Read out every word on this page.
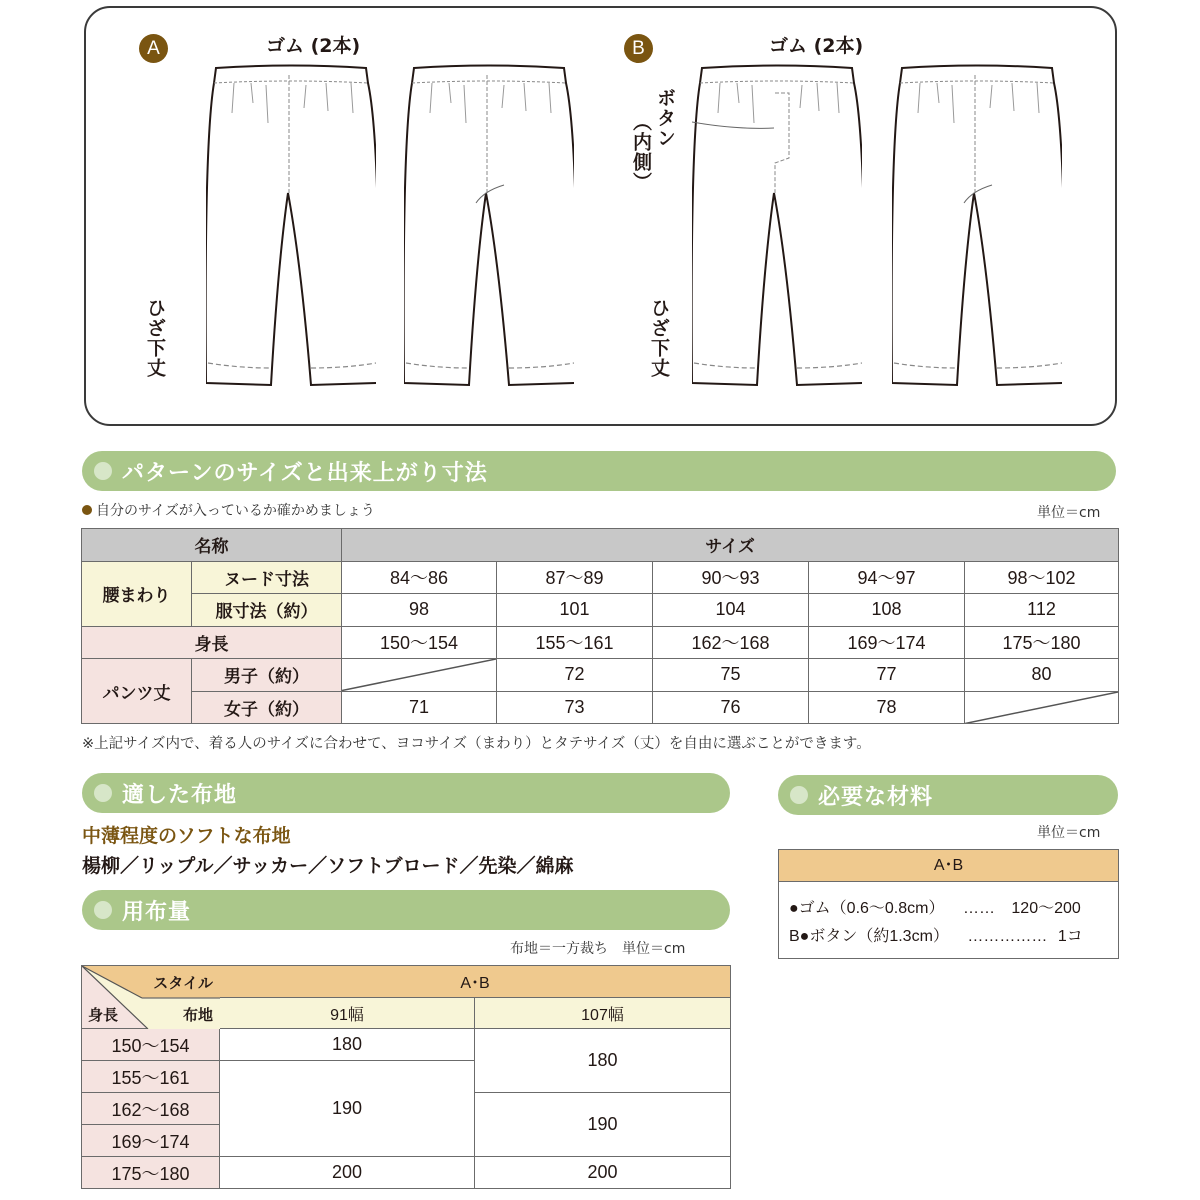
A	ゴム (2本)
ひざ下丈
B	ゴム (2本)
ボタン
（内側）
ひざ下丈
パターンのサイズと出来上がり寸法
自分のサイズが入っているか確かめましょう	単位＝cm
名称		サイズ				
腰まわり	ヌード寸法	84〜86	87〜89	90〜93	94〜97	98〜102
	服寸法（約）	98	101	104	108	112
身長		150〜154	155〜161	162〜168	169〜174	175〜180
パンツ丈	男子（約）		72	75	77	80
	女子（約）	71	73	76	78	
※上記サイズ内で、着る人のサイズに合わせて、ヨコサイズ（まわり）とタテサイズ（丈）を自由に選ぶことができます。
適した布地
中薄程度のソフトな布地
楊柳／リップル／サッカー／ソフトブロード／先染／綿麻
必要な材料
単位＝cm
A･B
●ゴム（0.6〜0.8cm） …… 120〜200
B●ボタン（約1.3cm） …………… 1コ
用布量
布地＝一方裁ち　単位＝cm
スタイル
布地
身長	A･B	
	91幅	107幅
150〜154	180	180
155〜161	190	
162〜168		190
169〜174		
175〜180	200	200
